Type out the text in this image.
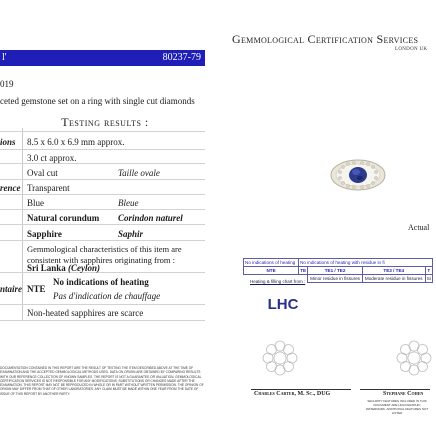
l'	80237-79
019
ceted gemstone set on a ring with single cut diamonds
Testing results :
ions 8.5 x 6.0 x 6.9 mm approx.
3.0 ct approx.
Oval cut	Taille ovale
rence Transparent
Blue	Bleue
Natural corundum Corindon naturel
Sapphire	Saphir
Gemmological characteristics of this item are consistent with sapphires originating from :
Sri Lanka (Ceylon)
ntaire NTE
No indications of heating
Pas d'indication de chauffage
Non-heated sapphires are scarce
DOCUMENTATION CONTAINED IN THIS REPORT ARE THE RESULT OF TESTING THE ITEM DESCRIBED ABOVE AT THE TIME OF EXAMINATION AND THE ACCEPTED GEMMOLOGICAL METHODS USED. DATA ON ORIGIN ARE OBTAINED BY COMPARING RESULTS WITH OUR REFERENCE COLLECTION OF KNOWN SAMPLES. THE REPORT IS NOT A GUARANTEE OR VALUATION. GEMMOLOGICAL CERTIFICATION SERVICES IS NOT RESPONSIBLE FOR ANY MODIFICATIONS, SUBSTITUTIONS OR CHANGES MADE AFTER THE EXAMINATION. THIS REPORT MAY NOT BE REPRODUCED IN WHOLE OR IN PART WITHOUT WRITTEN PERMISSION. THE OPINION OF ORIGIN MAY DIFFER FROM THAT OF OTHER LABORATORIES. ANY CLAIM MUST BE MADE WITHIN ONE YEAR FROM THE DATE OF ISSUE OF THIS REPORT BY ANOTHER PARTY.
Gemmological Certification Services
LONDON UK
Actual
No indications of heating	No indications of heating with residue in fi			
NTE	TE	TE1 / TE2	TE3 / TE4	T
		Minor residue in fissures	Moderate residue in fissures	Si
Heating & filling chart from :
LHC
Charles Carter, M. Sc., DUG	Stephane Cohen
SECURITY FEATURES INCLUDED IN THIS DOCUMENT ARE HOLOGRAPHIC WATERMARK, ADDITIONAL FEATURES NOT LISTED
